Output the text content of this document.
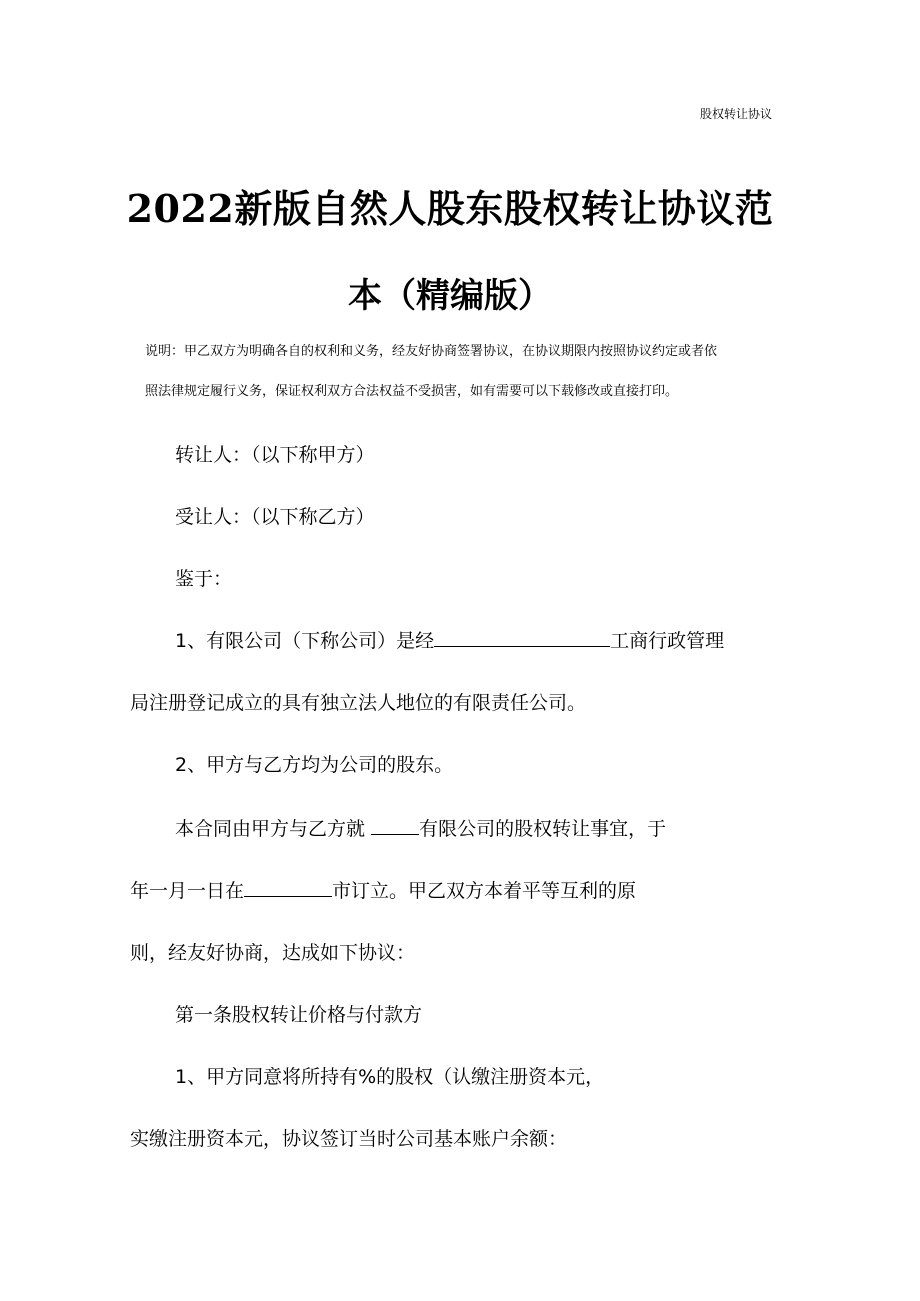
股权转让协议
2022新版自然人股东股权转让协议范
本（精编版）
说明：甲乙双方为明确各自的权利和义务，经友好协商签署协议，在协议期限内按照协议约定或者依
照法律规定履行义务，保证权利双方合法权益不受损害，如有需要可以下载修改或直接打印。
转让人：（以下称甲方）
受让人：（以下称乙方）
鉴于：
1、有限公司（下称公司）是经	工商行政管理
局注册登记成立的具有独立法人地位的有限责任公司。
2、甲方与乙方均为公司的股东。
本合同由甲方与乙方就	有限公司的股权转让事宜，于
年一月一日在	市订立。甲乙双方本着平等互利的原
则，经友好协商，达成如下协议：
第一条股权转让价格与付款方
1、甲方同意将所持有%的股权（认缴注册资本元，
实缴注册资本元，协议签订当时公司基本账户余额：
